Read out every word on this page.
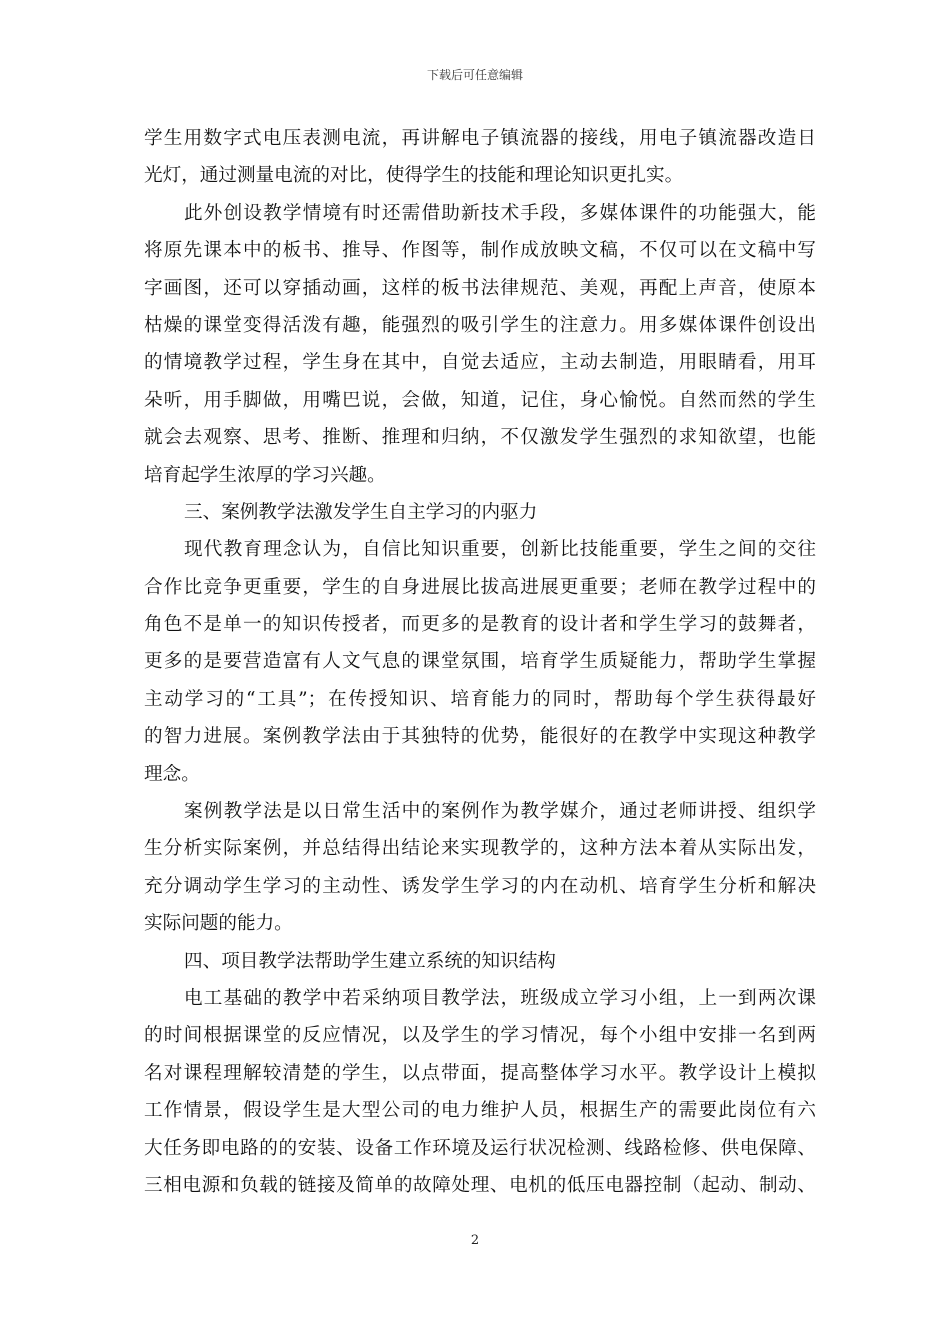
下载后可任意编辑
学生用数字式电压表测电流，再讲解电子镇流器的接线，用电子镇流器改造日
光灯，通过测量电流的对比，使得学生的技能和理论知识更扎实。
此外创设教学情境有时还需借助新技术手段，多媒体课件的功能强大，能
将原先课本中的板书、推导、作图等，制作成放映文稿，不仅可以在文稿中写
字画图，还可以穿插动画，这样的板书法律规范、美观，再配上声音，使原本
枯燥的课堂变得活泼有趣，能强烈的吸引学生的注意力。用多媒体课件创设出
的情境教学过程，学生身在其中，自觉去适应，主动去制造，用眼睛看，用耳
朵听，用手脚做，用嘴巴说，会做，知道，记住，身心愉悦。自然而然的学生
就会去观察、思考、推断、推理和归纳，不仅激发学生强烈的求知欲望，也能
培育起学生浓厚的学习兴趣。
三、案例教学法激发学生自主学习的内驱力
现代教育理念认为，自信比知识重要，创新比技能重要，学生之间的交往
合作比竞争更重要，学生的自身进展比拔高进展更重要；老师在教学过程中的
角色不是单一的知识传授者，而更多的是教育的设计者和学生学习的鼓舞者，
更多的是要营造富有人文气息的课堂氛围，培育学生质疑能力，帮助学生掌握
主动学习的“工具”；在传授知识、培育能力的同时，帮助每个学生获得最好
的智力进展。案例教学法由于其独特的优势，能很好的在教学中实现这种教学
理念。
案例教学法是以日常生活中的案例作为教学媒介，通过老师讲授、组织学
生分析实际案例，并总结得出结论来实现教学的，这种方法本着从实际出发，
充分调动学生学习的主动性、诱发学生学习的内在动机、培育学生分析和解决
实际问题的能力。
四、项目教学法帮助学生建立系统的知识结构
电工基础的教学中若采纳项目教学法，班级成立学习小组，上一到两次课
的时间根据课堂的反应情况，以及学生的学习情况，每个小组中安排一名到两
名对课程理解较清楚的学生，以点带面，提高整体学习水平。教学设计上模拟
工作情景，假设学生是大型公司的电力维护人员，根据生产的需要此岗位有六
大任务即电路的的安装、设备工作环境及运行状况检测、线路检修、供电保障、
三相电源和负载的链接及简单的故障处理、电机的低压电器控制（起动、制动、
2
